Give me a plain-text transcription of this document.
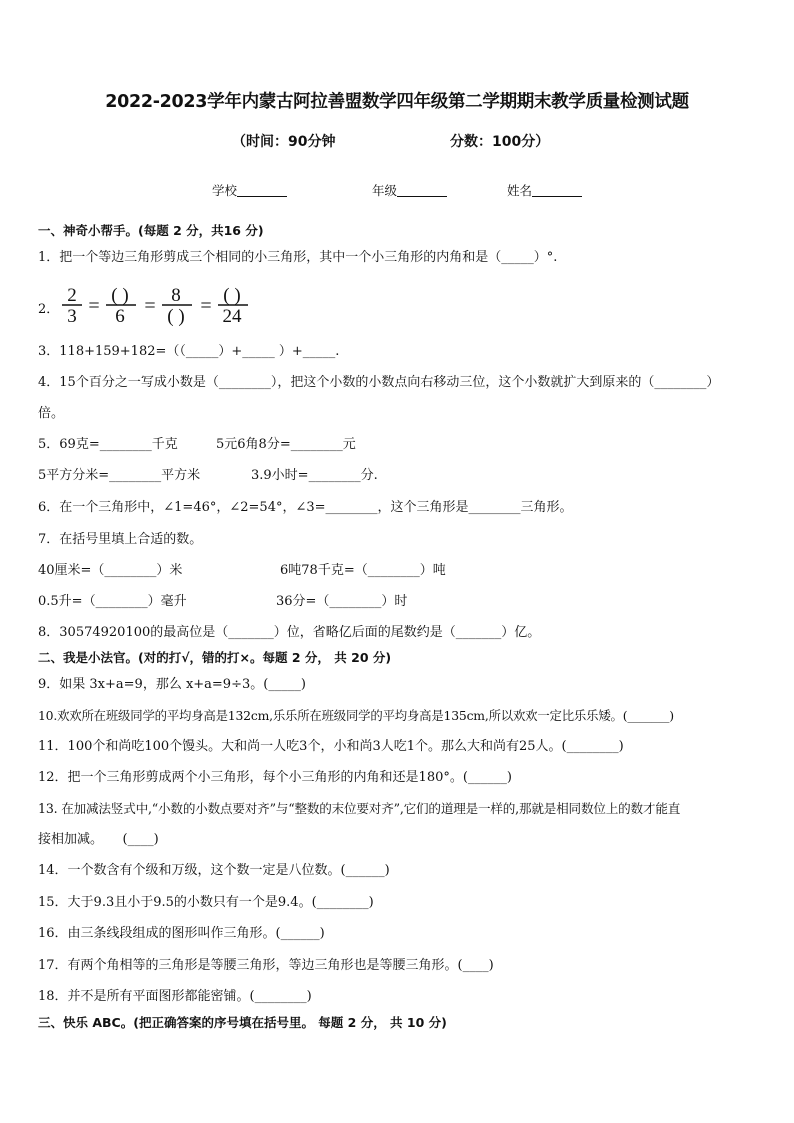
2022-2023学年内蒙古阿拉善盟数学四年级第二学期期末教学质量检测试题
（时间：90分钟	分数：100分）
学校	年级	姓名
一、神奇小帮手。(每题 2 分，共16 分)
1．把一个等边三角形剪成三个相同的小三角形，其中一个小三角形的内角和是（_____）°.
2．
2
3 = ( )
6 = 8
( ) = ( )
24
3．118+159+182=（（_____）+_____ ）+_____.
4．15个百分之一写成小数是（________），把这个小数的小数点向右移动三位，这个小数就扩大到原来的（________）
倍。
5．69克=________千克	5元6角8分=________元
5平方分米=________平方米	3.9小时=________分.
6．在一个三角形中，∠1=46°，∠2=54°，∠3=________，这个三角形是________三角形。
7．在括号里填上合适的数。
40厘米=（________）米	6吨78千克=（________）吨
0.5升=（________）毫升	36分=（________）时
8．30574920100的最高位是（_______）位，省略亿后面的尾数约是（_______）亿。
二、我是小法官。(对的打√，错的打×。每题 2 分， 共 20 分)
9．如果 3x+a=9，那么 x+a=9÷3。(_____)
10.欢欢所在班级同学的平均身高是132cm,乐乐所在班级同学的平均身高是135cm,所以欢欢一定比乐乐矮。(_______)
11．100个和尚吃100个馒头。大和尚一人吃3个，小和尚3人吃1个。那么大和尚有25人。(________)
12．把一个三角形剪成两个小三角形，每个小三角形的内角和还是180°。(______)
13. 在加减法竖式中,“小数的小数点要对齐”与“整数的末位要对齐”,它们的道理是一样的,那就是相同数位上的数才能直
接相加减。　　(____)
14．一个数含有个级和万级，这个数一定是八位数。(______)
15．大于9.3且小于9.5的小数只有一个是9.4。(________)
16．由三条线段组成的图形叫作三角形。(______)
17．有两个角相等的三角形是等腰三角形，等边三角形也是等腰三角形。(____)
18．并不是所有平面图形都能密铺。(________)
三、快乐 ABC。(把正确答案的序号填在括号里。 每题 2 分， 共 10 分)
